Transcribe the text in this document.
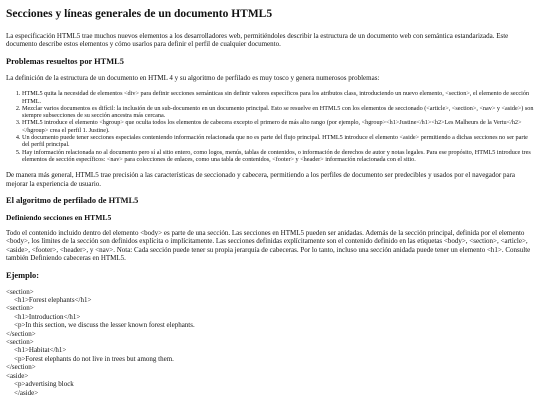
Secciones y líneas generales de un documento HTML5

La especificación HTML5 trae muchos nuevos elementos a los desarrolladores web, permitiéndoles describir la estructura de un documento web con semántica estandarizada. Este documento describe estos elementos y cómo usarlos para definir el perfil de cualquier documento.

Problemas resueltos por HTML5

La definición de la estructura de un documento en HTML 4 y su algoritmo de perfilado es muy tosco y genera numerosos problemas:

1. HTML5 quita la necesidad de elementos <div> para definir secciones semánticas sin definir valores específicos para los atributos class, introduciendo un nuevo elemento, <section>, el elemento de sección HTML.
2. Mezclar varios documentos es difícil: la inclusión de un sub-documento en un documento principal. Esto se resuelve en HTML5 con los elementos de seccionado (<article>, <section>, <nav> y <aside>) son siempre subsecciones de su sección ancestra más cercana.
3. HTML5 introduce el elemento <hgroup> que oculta todos los elementos de cabecera excepto el primero de más alto rango (por ejemplo, <hgroup><h1>Justine</h1><h2>Les Malheurs de la Vertu</h2></hgroup> crea el perfil 1. Justine).
4. Un documento puede tener secciones especiales conteniendo información relacionada que no es parte del flujo principal. HTML5 introduce el elemento <aside> permitiendo a dichas secciones no ser parte del perfil principal.
5. Hay información relacionada no al documento pero sí al sitio entero, como logos, menús, tablas de contenidos, o información de derechos de autor y notas legales. Para ese propósito, HTML5 introduce tres elementos de sección específicos: <nav> para colecciones de enlaces, como una tabla de contenidos, <footer> y <header> información relacionada con el sitio.

De manera más general, HTML5 trae precisión a las características de seccionado y cabecera, permitiendo a los perfiles de documento ser predecibles y usados por el navegador para mejorar la experiencia de usuario.

El algoritmo de perfilado de HTML5
Definiendo secciones en HTML5

Todo el contenido incluido dentro del elemento <body> es parte de una sección. Las secciones en HTML5 pueden ser anidadas. Además de la sección principal, definida por el elemento <body>, los límites de la sección son definidos explícita o implícitamente. Las secciones definidas explícitamente son el contenido definido en las etiquetas <body>, <section>, <article>, <aside>, <footer>, <header>, y <nav>. Nota: Cada sección puede tener su propia jerarquía de cabeceras. Por lo tanto, incluso una sección anidada puede tener un elemento <h1>. Consulte también Definiendo cabeceras en HTML5.

Ejemplo:
<section>
<h1>Forest elephants</h1>
<section>
<h1>Introduction</h1>
<p>In this section, we discuss the lesser known forest elephants.
</section>
<section>
<h1>Habitat</h1>
<p>Forest elephants do not live in trees but among them.
</section>
<aside>
<p>advertising block
</aside>
